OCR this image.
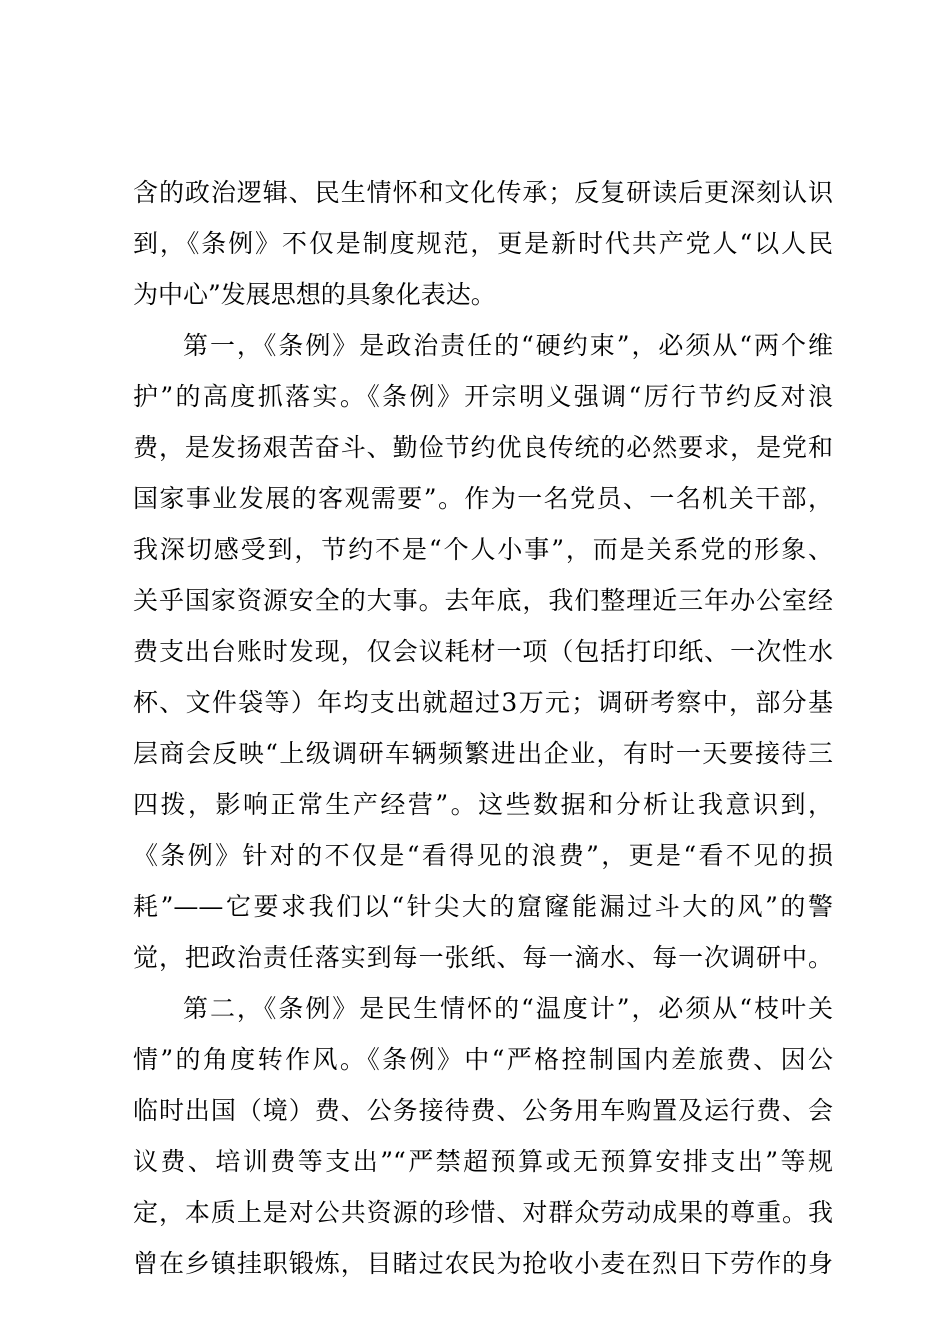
含的政治逻辑、民生情怀和文化传承；反复研读后更深刻认识
到，《条例》不仅是制度规范，更是新时代共产党人“以人民
为中心”发展思想的具象化表达。
第一，《条例》是政治责任的“硬约束”，必须从“两个维
护”的高度抓落实。《条例》开宗明义强调“厉行节约反对浪
费，是发扬艰苦奋斗、勤俭节约优良传统的必然要求，是党和
国家事业发展的客观需要”。作为一名党员、一名机关干部，
我深切感受到，节约不是“个人小事”，而是关系党的形象、
关乎国家资源安全的大事。去年底，我们整理近三年办公室经
费支出台账时发现，仅会议耗材一项（包括打印纸、一次性水
杯、文件袋等）年均支出就超过3万元；调研考察中，部分基
层商会反映“上级调研车辆频繁进出企业，有时一天要接待三
四拨，影响正常生产经营”。这些数据和分析让我意识到，
《条例》针对的不仅是“看得见的浪费”，更是“看不见的损
耗”——它要求我们以“针尖大的窟窿能漏过斗大的风”的警
觉，把政治责任落实到每一张纸、每一滴水、每一次调研中。
第二，《条例》是民生情怀的“温度计”，必须从“枝叶关
情”的角度转作风。《条例》中“严格控制国内差旅费、因公
临时出国（境）费、公务接待费、公务用车购置及运行费、会
议费、培训费等支出”“严禁超预算或无预算安排支出”等规
定，本质上是对公共资源的珍惜、对群众劳动成果的尊重。我
曾在乡镇挂职锻炼，目睹过农民为抢收小麦在烈日下劳作的身
